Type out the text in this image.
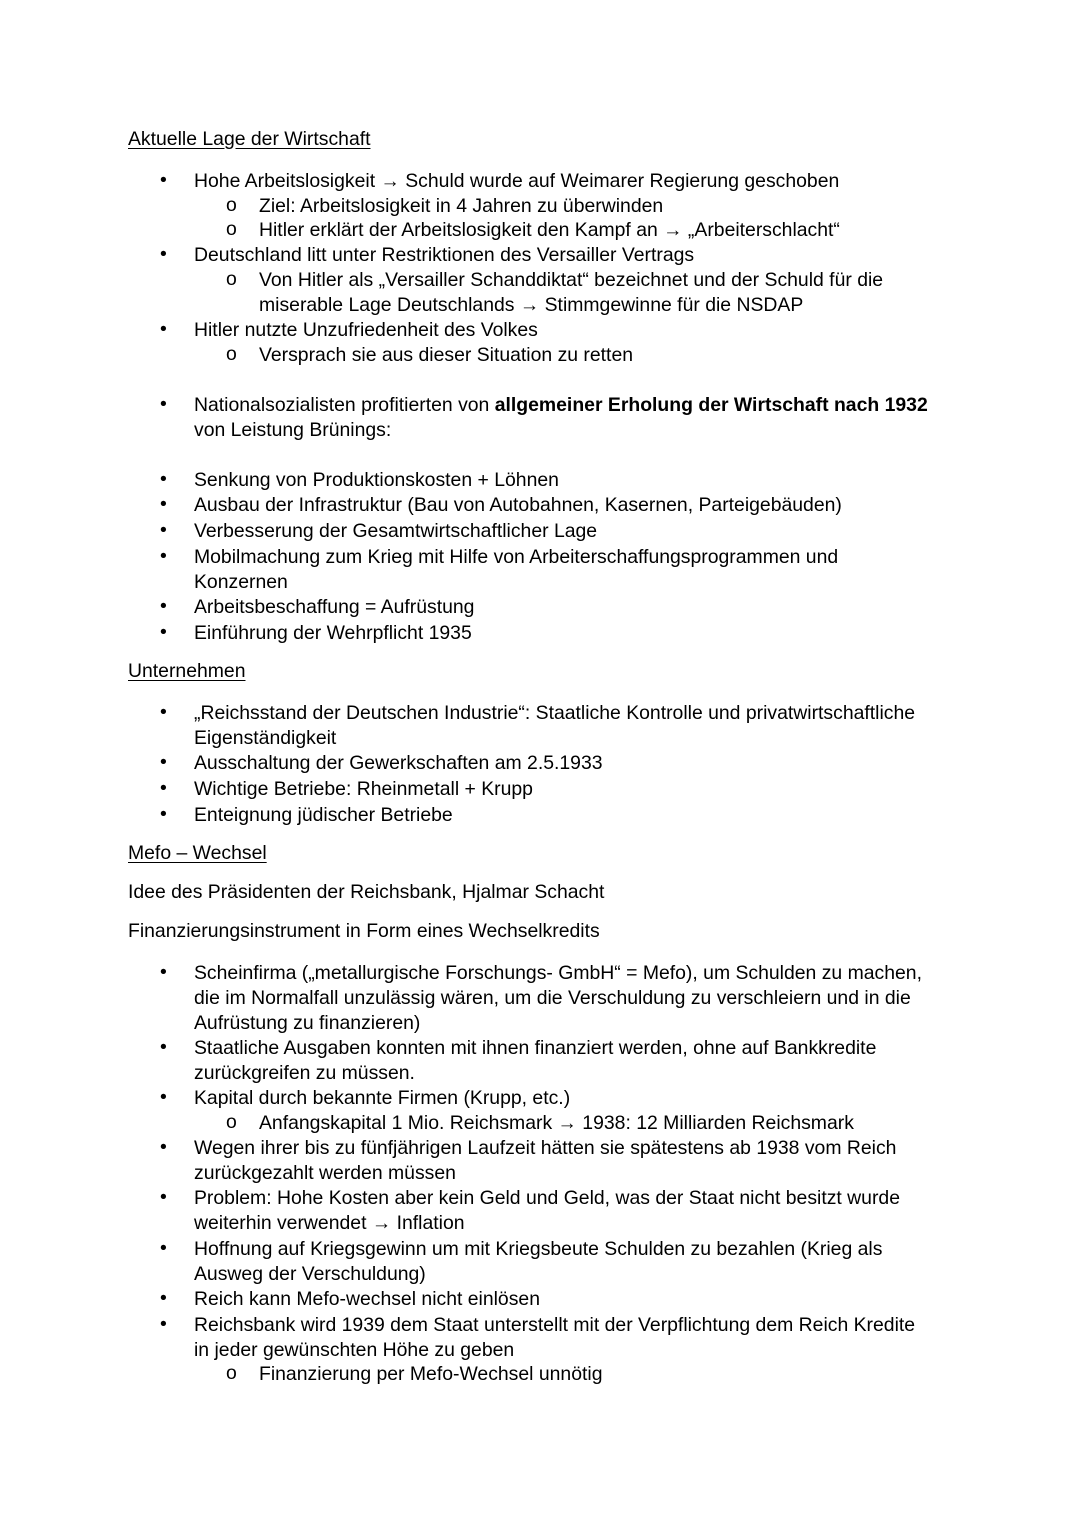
Aktuelle Lage der Wirtschaft
•	Hohe Arbeitslosigkeit → Schuld wurde auf Weimarer Regierung geschoben
o Ziel: Arbeitslosigkeit in 4 Jahren zu überwinden
o Hitler erklärt der Arbeitslosigkeit den Kampf an → „Arbeiterschlacht“
•	Deutschland litt unter Restriktionen des Versailler Vertrags
o Von Hitler als „Versailler Schanddiktat“ bezeichnet und der Schuld für die
miserable Lage Deutschlands → Stimmgewinne für die NSDAP
•	Hitler nutzte Unzufriedenheit des Volkes
o Versprach sie aus dieser Situation zu retten
•	Nationalsozialisten profitierten von allgemeiner Erholung der Wirtschaft nach 1932
von Leistung Brünings:
•	Senkung von Produktionskosten + Löhnen
•	Ausbau der Infrastruktur (Bau von Autobahnen, Kasernen, Parteigebäuden)
•	Verbesserung der Gesamtwirtschaftlicher Lage
•	Mobilmachung zum Krieg mit Hilfe von Arbeiterschaffungsprogrammen und
Konzernen
•	Arbeitsbeschaffung = Aufrüstung
•	Einführung der Wehrpflicht 1935
Unternehmen
•	„Reichsstand der Deutschen Industrie“: Staatliche Kontrolle und privatwirtschaftliche
Eigenständigkeit
•	Ausschaltung der Gewerkschaften am 2.5.1933
•	Wichtige Betriebe: Rheinmetall + Krupp
•	Enteignung jüdischer Betriebe
Mefo – Wechsel
Idee des Präsidenten der Reichsbank, Hjalmar Schacht
Finanzierungsinstrument in Form eines Wechselkredits
•	Scheinfirma („metallurgische Forschungs- GmbH“ = Mefo), um Schulden zu machen,
die im Normalfall unzulässig wären, um die Verschuldung zu verschleiern und in die
Aufrüstung zu finanzieren)
•	Staatliche Ausgaben konnten mit ihnen finanziert werden, ohne auf Bankkredite
zurückgreifen zu müssen.
•	Kapital durch bekannte Firmen (Krupp, etc.)
o Anfangskapital 1 Mio. Reichsmark → 1938: 12 Milliarden Reichsmark
•	Wegen ihrer bis zu fünfjährigen Laufzeit hätten sie spätestens ab 1938 vom Reich
zurückgezahlt werden müssen
•	Problem: Hohe Kosten aber kein Geld und Geld, was der Staat nicht besitzt wurde
weiterhin verwendet → Inflation
•	Hoffnung auf Kriegsgewinn um mit Kriegsbeute Schulden zu bezahlen (Krieg als
Ausweg der Verschuldung)
•	Reich kann Mefo-wechsel nicht einlösen
•	Reichsbank wird 1939 dem Staat unterstellt mit der Verpflichtung dem Reich Kredite
in jeder gewünschten Höhe zu geben
o Finanzierung per Mefo-Wechsel unnötig
